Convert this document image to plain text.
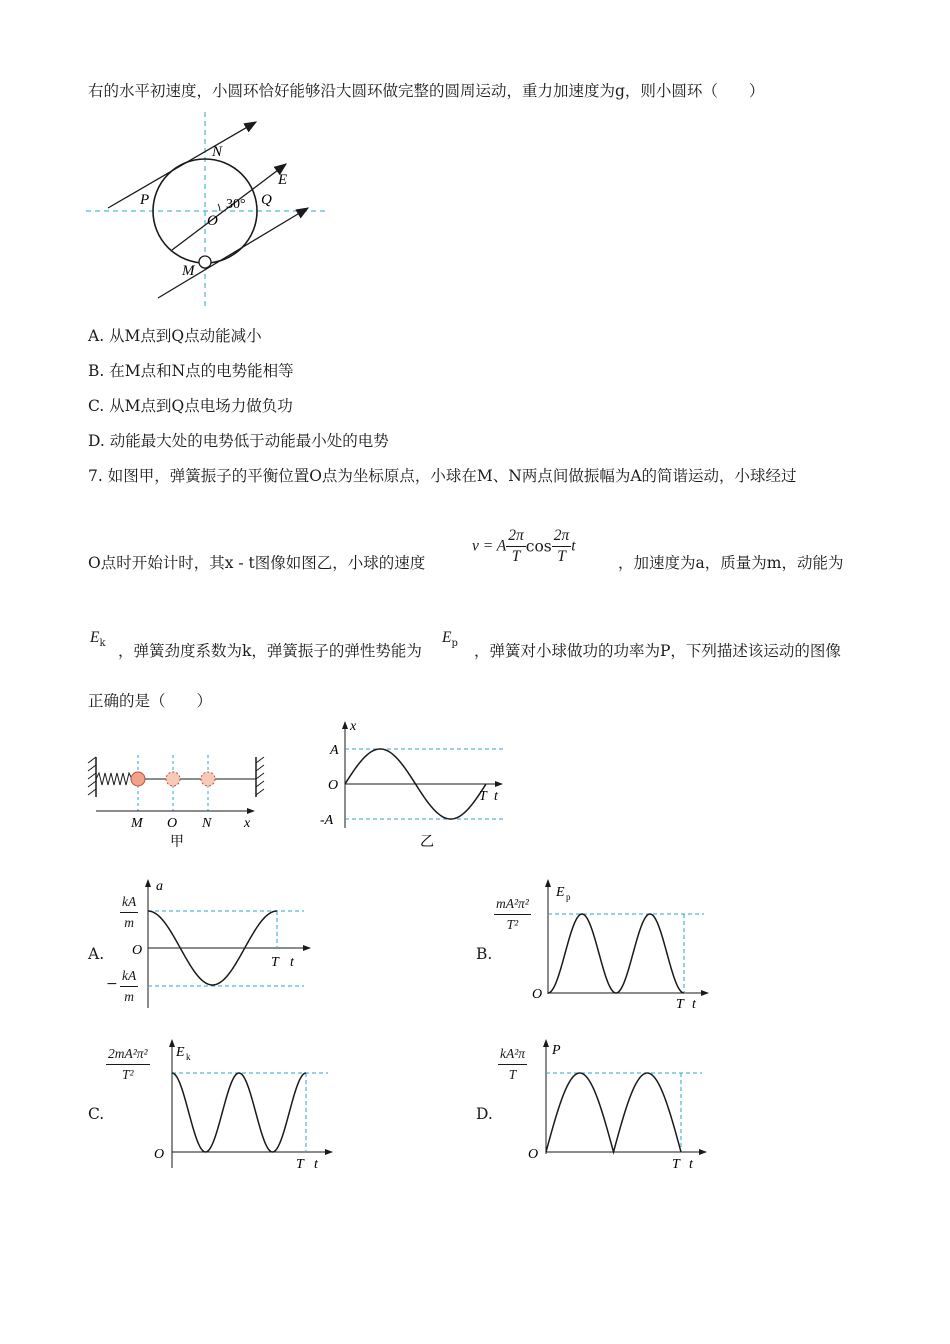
右的水平初速度，小圆环恰好能够沿大圆环做完整的圆周运动，重力加速度为g，则小圆环（　　）
N
E
P	Q
O
30°
M
A. 从M点到Q点动能减小
B. 在M点和N点的电势能相等
C. 从M点到Q点电场力做负功
D. 动能最大处的电势低于动能最小处的电势
7. 如图甲，弹簧振子的平衡位置O点为坐标原点，小球在M、N两点间做振幅为A的简谐运动，小球经过
O点时开始计时，其x - t图像如图乙，小球的速度
v = A $\frac{2\pi}{T}$ $\cos \frac{2\pi}{T}$ t
，加速度为a，质量为m，动能为
$E_k$ ，弹簧劲度系数为k，弹簧振子的弹性势能为
$E_p$ ，弹簧对小球做功的功率为P，下列描述该运动的图像
正确的是（　　）
M O N x
甲
x
A
O
-A
T t
乙
A.
a
O
T t
$\frac{kA}{m}$
− $\frac{kA}{m}$
B.
E p
O
T t
$\frac{\text{mA²π²}}{\text{T²}}$
C.
E k
O
T t
$\frac{\text{2mA²π²}}{\text{T²}}$
D.
P
O
T t
$\frac{\text{kA²π}}{T}$
